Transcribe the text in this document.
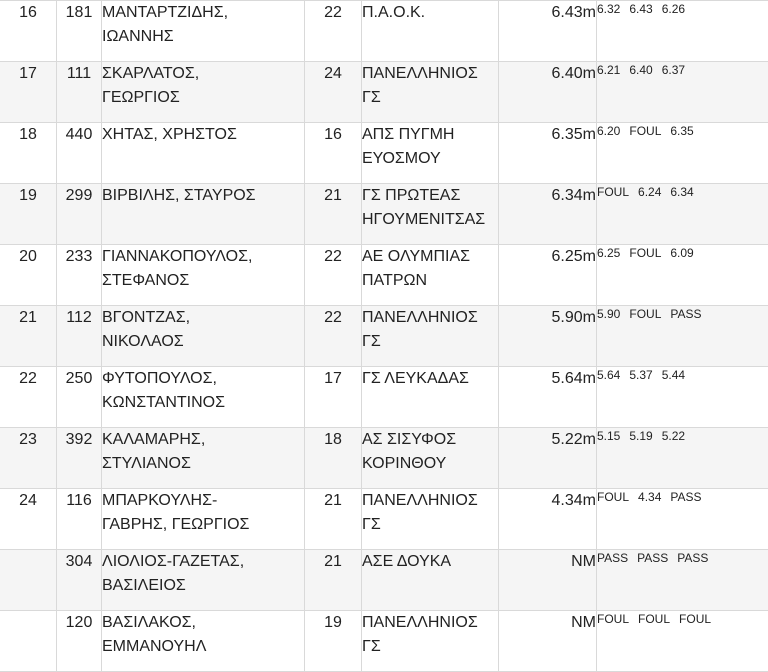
16	181	ΜΑΝΤΑΡΤΖΙΔΗΣ,
ΙΩΑΝΝΗΣ	22	Π.Α.Ο.Κ.	6.43m	6.32 6.43 6.26
17	111	ΣΚΑΡΛΑΤΟΣ,
ΓΕΩΡΓΙΟΣ	24	ΠΑΝΕΛΛΗΝΙΟΣ
ΓΣ	6.40m	6.21 6.40 6.37
18	440	ΧΗΤΑΣ, ΧΡΗΣΤΟΣ	16	ΑΠΣ ΠΥΓΜΗ
ΕΥΟΣΜΟΥ	6.35m	6.20 FOUL 6.35
19	299	ΒΙΡΒΙΛΗΣ, ΣΤΑΥΡΟΣ	21	ΓΣ ΠΡΩΤΕΑΣ
ΗΓΟΥΜΕΝΙΤΣΑΣ	6.34m	FOUL 6.24 6.34
20	233	ΓΙΑΝΝΑΚΟΠΟΥΛΟΣ,
ΣΤΕΦΑΝΟΣ	22	ΑΕ ΟΛΥΜΠΙΑΣ
ΠΑΤΡΩΝ	6.25m	6.25 FOUL 6.09
21	112	ΒΓΟΝΤΖΑΣ,
ΝΙΚΟΛΑΟΣ	22	ΠΑΝΕΛΛΗΝΙΟΣ
ΓΣ	5.90m	5.90 FOUL PASS
22	250	ΦΥΤΟΠΟΥΛΟΣ,
ΚΩΝΣΤΑΝΤΙΝΟΣ	17	ΓΣ ΛΕΥΚΑΔΑΣ	5.64m	5.64 5.37 5.44
23	392	ΚΑΛΑΜΑΡΗΣ,
ΣΤΥΛΙΑΝΟΣ	18	ΑΣ ΣΙΣΥΦΟΣ
ΚΟΡΙΝΘΟΥ	5.22m	5.15 5.19 5.22
24	116	ΜΠΑΡΚΟΥΛΗΣ-
ΓΑΒΡΗΣ, ΓΕΩΡΓΙΟΣ	21	ΠΑΝΕΛΛΗΝΙΟΣ
ΓΣ	4.34m	FOUL 4.34 PASS
	304	ΛΙΟΛΙΟΣ-ΓΑΖΕΤΑΣ,
ΒΑΣΙΛΕΙΟΣ	21	ΑΣΕ ΔΟΥΚΑ	NM	PASS PASS PASS
	120	ΒΑΣΙΛΑΚΟΣ,
ΕΜΜΑΝΟΥΗΛ	19	ΠΑΝΕΛΛΗΝΙΟΣ
ΓΣ	NM	FOUL FOUL FOUL
